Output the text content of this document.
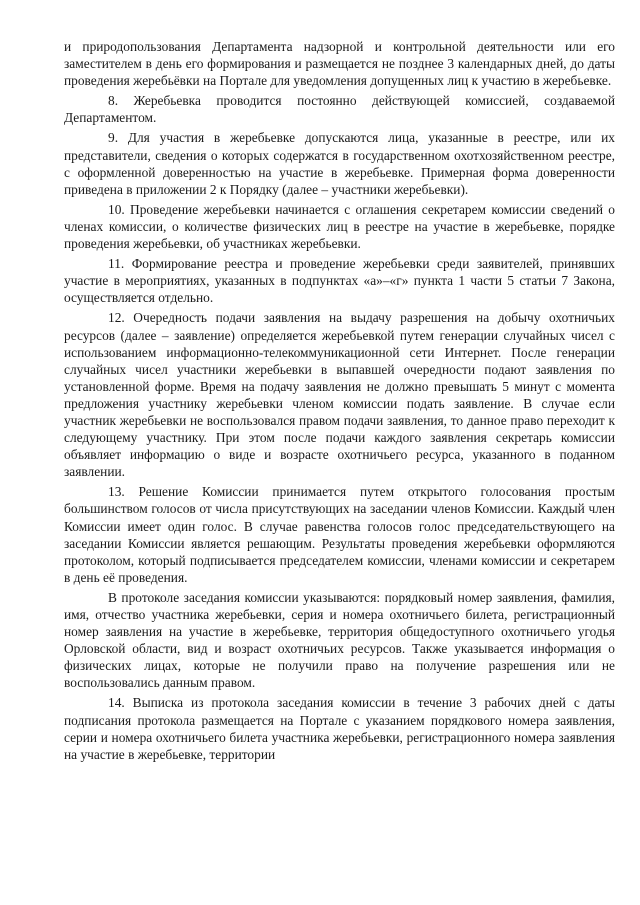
и природопользования Департамента надзорной и контрольной деятельности или его заместителем в день его формирования и размещается не позднее 3 календарных дней, до даты проведения жеребьёвки на Портале для уведомления допущенных лиц к участию в жеребьевке.

8. Жеребьевка проводится постоянно действующей комиссией, создаваемой Департаментом.

9. Для участия в жеребьевке допускаются лица, указанные в реестре, или их представители, сведения о которых содержатся в государственном охотхозяйственном реестре, с оформленной доверенностью на участие в жеребьевке. Примерная форма доверенности приведена в приложении 2 к Порядку (далее – участники жеребьевки).

10. Проведение жеребьевки начинается с оглашения секретарем комиссии сведений о членах комиссии, о количестве физических лиц в реестре на участие в жеребьевке, порядке проведения жеребьевки, об участниках жеребьевки.

11. Формирование реестра и проведение жеребьевки среди заявителей, принявших участие в мероприятиях, указанных в подпунктах «а»–«г» пункта 1 части 5 статьи 7 Закона, осуществляется отдельно.

12. Очередность подачи заявления на выдачу разрешения на добычу охотничьих ресурсов (далее – заявление) определяется жеребьевкой путем генерации случайных чисел с использованием информационно-телекоммуникационной сети Интернет. После генерации случайных чисел участники жеребьевки в выпавшей очередности подают заявления по установленной форме. Время на подачу заявления не должно превышать 5 минут с момента предложения участнику жеребьевки членом комиссии подать заявление. В случае если участник жеребьевки не воспользовался правом подачи заявления, то данное право переходит к следующему участнику. При этом после подачи каждого заявления секретарь комиссии объявляет информацию о виде и возрасте охотничьего ресурса, указанного в поданном заявлении.

13. Решение Комиссии принимается путем открытого голосования простым большинством голосов от числа присутствующих на заседании членов Комиссии. Каждый член Комиссии имеет один голос. В случае равенства голосов голос председательствующего на заседании Комиссии является решающим. Результаты проведения жеребьевки оформляются протоколом, который подписывается председателем комиссии, членами комиссии и секретарем в день её проведения.

В протоколе заседания комиссии указываются: порядковый номер заявления, фамилия, имя, отчество участника жеребьевки, серия и номера охотничьего билета, регистрационный номер заявления на участие в жеребьевке, территория общедоступного охотничьего угодья Орловской области, вид и возраст охотничьих ресурсов. Также указывается информация о физических лицах, которые не получили право на получение разрешения или не воспользовались данным правом.

14. Выписка из протокола заседания комиссии в течение 3 рабочих дней с даты подписания протокола размещается на Портале с указанием порядкового номера заявления, серии и номера охотничьего билета участника жеребьевки, регистрационного номера заявления на участие в жеребьевке, территории
